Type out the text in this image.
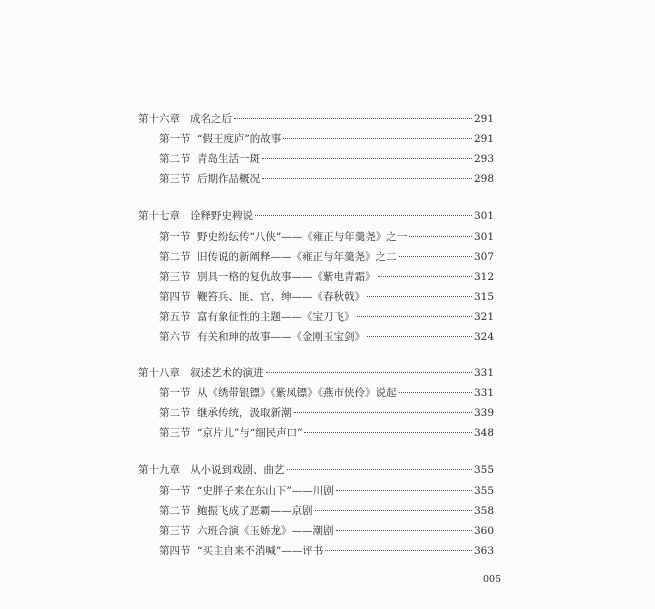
第十六章 成名之后	291
第一节 “假王度庐”的故事	291
第二节 青岛生活一斑	293
第三节 后期作品概况	298
第十七章 诠释野史稗说	301
第一节 野史纷纭传“八侠”——《雍正与年羹尧》之一	301
第二节 旧传说的新阐释——《雍正与年羹尧》之二	307
第三节 别具一格的复仇故事——《紫电青霜》	312
第四节 鞭笞兵、匪、官、绅——《春秋戟》	315
第五节 富有象征性的主题——《宝刀飞》	321
第六节 有关和珅的故事——《金刚玉宝剑》	324
第十八章 叙述艺术的演进	331
第一节 从《绣带银镖》《紫凤镖》《燕市侠伶》说起	331
第二节 继承传统，汲取新潮	339
第三节 “京片儿”与“细民声口”	348
第十九章 从小说到戏剧、曲艺	355
第一节 “史胖子来在东山下”——川剧	355
第二节 鲍振飞成了恶霸——京剧	358
第三节 六班合演《玉娇龙》——潮剧	360
第四节 “买主自来不消喊”——评书	363
005
